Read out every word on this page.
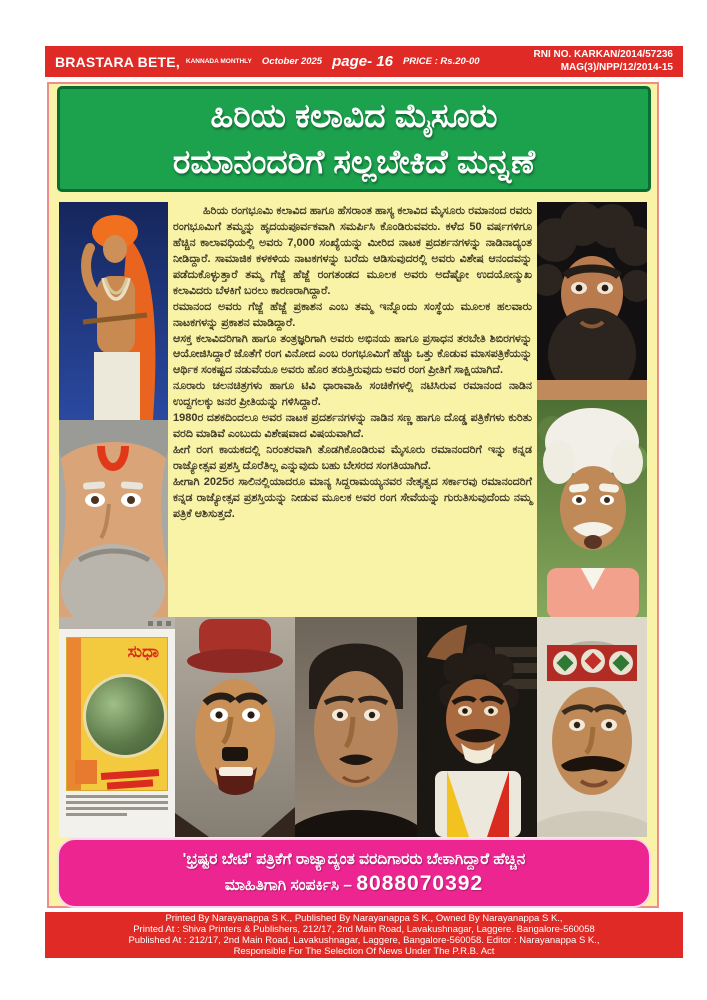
BRASTARA BETE, KANNADA MONTHLY October 2025 page- 16 PRICE : Rs.20-00
RNI NO. KARKAN/2014/57236
MAG(3)/NPP/12/2014-15
ಹಿರಿಯ ಕಲಾವಿದ ಮೈಸೂರು
ರಮಾನಂದರಿಗೆ ಸಲ್ಲಬೇಕಿದೆ ಮನ್ನಣೆ

ಹಿರಿಯ ರಂಗಭೂಮಿ ಕಲಾವಿದ ಹಾಗೂ ಹೆಸರಾಂತ ಹಾಸ್ಯ ಕಲಾವಿದ ಮೈಸೂರು ರಮಾನಂದ ರವರು ರಂಗಭೂಮಿಗೆ ತಮ್ಮನ್ನು ಹೃದಯಪೂರ್ವಕವಾಗಿ ಸಮರ್ಪಿಸಿ ಕೊಂಡಿರುವವರು. ಕಳೆದ 50 ವರ್ಷಗಳಿಗೂ ಹೆಚ್ಚಿನ ಕಾಲಾವಧಿಯಲ್ಲಿ ಅವರು 7,000 ಸಂಖ್ಯೆಯನ್ನು ಮೀರಿದ ನಾಟಕ ಪ್ರದರ್ಶನಗಳನ್ನು ನಾಡಿನಾದ್ಯಂತ ನೀಡಿದ್ದಾರೆ. ಸಾಮಾಜಿಕ ಕಳಕಳಿಯ ನಾಟಕಗಳನ್ನು ಬರೆದು ಆಡಿಸುವುದರಲ್ಲಿ ಅವರು ವಿಶೇಷ ಆನಂದವನ್ನು ಪಡೆದುಕೊಳ್ಳುತ್ತಾರೆ ತಮ್ಮ ಗೆಜ್ಜೆ ಹೆಜ್ಜೆ ರಂಗತಂಡದ ಮೂಲಕ ಅವರು ಅದೆಷ್ಟೋ ಉದಯೋನ್ಮುಖ ಕಲಾವಿದರು ಬೆಳಕಿಗೆ ಬರಲು ಕಾರಣರಾಗಿದ್ದಾರೆ.

ರಮಾನಂದ ಅವರು ಗೆಜ್ಜೆ ಹೆಜ್ಜೆ ಪ್ರಕಾಶನ ಎಂಬ ತಮ್ಮ ಇನ್ನೊಂದು ಸಂಸ್ಥೆಯ ಮೂಲಕ ಹಲವಾರು ನಾಟಕಗಳನ್ನು ಪ್ರಕಾಶನ ಮಾಡಿದ್ದಾರೆ.

ಆಸಕ್ತ ಕಲಾವಿದರಿಗಾಗಿ ಹಾಗೂ ತಂತ್ರಜ್ಞರಿಗಾಗಿ ಅವರು ಅಭಿನಯ ಹಾಗೂ ಪ್ರಸಾಧನ ತರಬೇತಿ ಶಿಬಿರಗಳನ್ನು ಆಯೋಜಿಸಿದ್ದಾರೆ ಜೊತೆಗೆ ರಂಗ ವಿನೋದ ಎಂಬ ರಂಗಭೂಮಿಗೆ ಹೆಚ್ಚು ಒತ್ತು ಕೊಡುವ ಮಾಸಪತ್ರಿಕೆಯನ್ನು ಆರ್ಥಿಕ ಸಂಕಷ್ಟದ ನಡುವೆಯೂ ಅವರು ಹೊರ ತರುತ್ತಿರುವುದು ಅವರ ರಂಗ ಪ್ರೀತಿಗೆ ಸಾಕ್ಷಿಯಾಗಿದೆ.

ನೂರಾರು ಚಲನಚಿತ್ರಗಳು ಹಾಗೂ ಟಿವಿ ಧಾರಾವಾಹಿ ಸಂಚಿಕೆಗಳಲ್ಲಿ ನಟಿಸಿರುವ ರಮಾನಂದ ನಾಡಿನ ಉದ್ದಗಲಕ್ಕು ಜನರ ಪ್ರೀತಿಯನ್ನು ಗಳಿಸಿದ್ದಾರೆ.

1980ರ ದಶಕದಿಂದಲೂ ಅವರ ನಾಟಕ ಪ್ರದರ್ಶನಗಳನ್ನು ನಾಡಿನ ಸಣ್ಣ ಹಾಗೂ ದೊಡ್ಡ ಪತ್ರಿಕೆಗಳು ಕುರಿತು ವರದಿ ಮಾಡಿವೆ ಎಂಬುದು ವಿಶೇಷವಾದ ವಿಷಯವಾಗಿದೆ.

ಹೀಗೆ ರಂಗ ಕಾಯಕದಲ್ಲಿ ನಿರಂತರವಾಗಿ ತೊಡಗಿಕೊಂಡಿರುವ ಮೈಸೂರು ರಮಾನಂದರಿಗೆ ಇನ್ನು ಕನ್ನಡ ರಾಜ್ಯೋತ್ಸವ ಪ್ರಶಸ್ತಿ ದೊರೆತಿಲ್ಲ ಎನ್ನುವುದು ಬಹು ಬೇಸರದ ಸಂಗತಿಯಾಗಿದೆ.

ಹೀಗಾಗಿ 2025ರ ಸಾಲಿನಲ್ಲಿಯಾದರೂ ಮಾನ್ಯ ಸಿದ್ದರಾಮಯ್ಯನವರ ನೇತೃತ್ವದ ಸರ್ಕಾರವು ರಮಾನಂದರಿಗೆ ಕನ್ನಡ ರಾಜ್ಯೋತ್ಸವ ಪ್ರಶಸ್ತಿಯನ್ನು ನೀಡುವ ಮೂಲಕ ಅವರ ರಂಗ ಸೇವೆಯನ್ನು ಗುರುತಿಸುವುದೆಂದು ನಮ್ಮ ಪತ್ರಿಕೆ ಆಶಿಸುತ್ತದೆ.

ಸುಧಾ
'ಭ್ರಷ್ಟರ ಬೇಟೆ' ಪತ್ರಿಕೆಗೆ ರಾಜ್ಯಾದ್ಯಂತ ವರದಿಗಾರರು ಬೇಕಾಗಿದ್ದಾರೆ ಹೆಚ್ಚಿನ
ಮಾಹಿತಿಗಾಗಿ ಸಂಪರ್ಕಿಸಿ – 8088070392
Printed By Narayanappa S K., Published By Narayanappa S K., Owned By Narayanappa S K.,
Printed At : Shiva Printers & Publishers, 212/17, 2nd Main Road, Lavakushnagar, Laggere. Bangalore-560058
Published At : 212/17, 2nd Main Road, Lavakushnagar, Laggere, Bangalore-560058. Editor : Narayanappa S K.,
Responsible For The Selection Of News Under The P.R.B. Act
